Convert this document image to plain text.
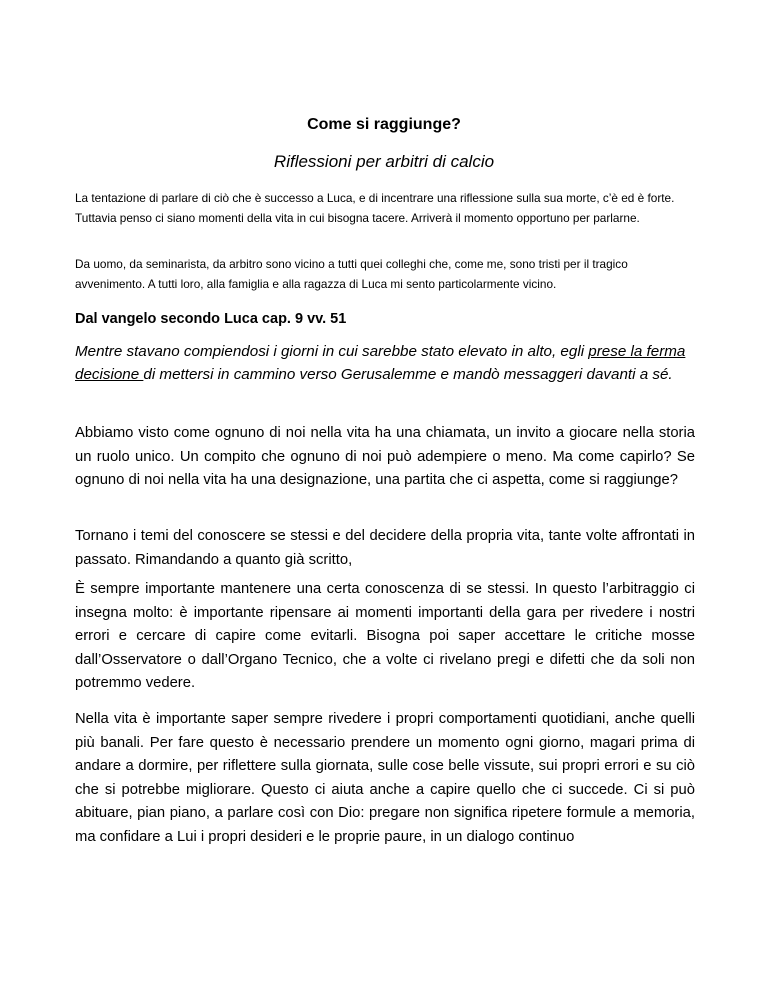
Come si raggiunge?
Riflessioni per arbitri di calcio
La tentazione di parlare di ciò che è successo a Luca, e di incentrare una riflessione sulla sua morte, c’è ed è forte. Tuttavia penso ci siano momenti della vita in cui bisogna tacere. Arriverà il momento opportuno per parlarne.
Da uomo, da seminarista, da arbitro sono vicino a tutti quei colleghi che, come me, sono tristi per il tragico avvenimento. A tutti loro, alla famiglia e alla ragazza di Luca mi sento particolarmente vicino.
Dal vangelo secondo Luca cap. 9 vv. 51
Mentre stavano compiendosi i giorni in cui sarebbe stato elevato in alto, egli prese la ferma decisione di mettersi in cammino verso Gerusalemme e mandò messaggeri davanti a sé.
Abbiamo visto come ognuno di noi nella vita ha una chiamata, un invito a giocare nella storia un ruolo unico. Un compito che ognuno di noi può adempiere o meno. Ma come capirlo? Se ognuno di noi nella vita ha una designazione, una partita che ci aspetta, come si raggiunge?
Tornano i temi del conoscere se stessi e del decidere della propria vita, tante volte affrontati in passato. Rimandando a quanto già scritto,
È sempre importante mantenere una certa conoscenza di se stessi. In questo l’arbitraggio ci insegna molto: è importante ripensare ai momenti importanti della gara per rivedere i nostri errori e cercare di capire come evitarli. Bisogna poi saper accettare le critiche mosse dall’Osservatore o dall’Organo Tecnico, che a volte ci rivelano pregi e difetti che da soli non potremmo vedere.
Nella vita è importante saper sempre rivedere i propri comportamenti quotidiani, anche quelli più banali. Per fare questo è necessario prendere un momento ogni giorno, magari prima di andare a dormire, per riflettere sulla giornata, sulle cose belle vissute, sui propri errori e su ciò che si potrebbe migliorare. Questo ci aiuta anche a capire quello che ci succede. Ci si può abituare, pian piano, a parlare così con Dio: pregare non significa ripetere formule a memoria, ma confidare a Lui i propri desideri e le proprie paure, in un dialogo continuo
